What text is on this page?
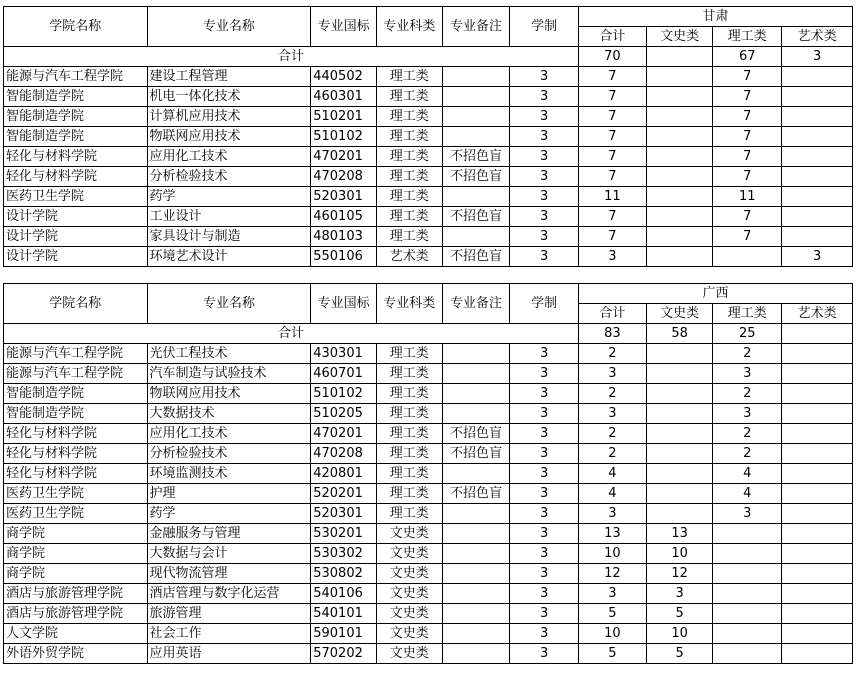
学院名称	专业名称	专业国标	专业科类	专业备注	学制	甘肃			
						合计	文史类	理工类	艺术类
合计						70		67	3
能源与汽车工程学院	建设工程管理	440502	理工类		3	7		7	
智能制造学院	机电一体化技术	460301	理工类		3	7		7	
智能制造学院	计算机应用技术	510201	理工类		3	7		7	
智能制造学院	物联网应用技术	510102	理工类		3	7		7	
轻化与材料学院	应用化工技术	470201	理工类	不招色盲	3	7		7	
轻化与材料学院	分析检验技术	470208	理工类	不招色盲	3	7		7	
医药卫生学院	药学	520301	理工类		3	11		11	
设计学院	工业设计	460105	理工类	不招色盲	3	7		7	
设计学院	家具设计与制造	480103	理工类		3	7		7	
设计学院	环境艺术设计	550106	艺术类	不招色盲	3	3			3
学院名称	专业名称	专业国标	专业科类	专业备注	学制	广西			
						合计	文史类	理工类	艺术类
合计						83	58	25	
能源与汽车工程学院	光伏工程技术	430301	理工类		3	2		2	
能源与汽车工程学院	汽车制造与试验技术	460701	理工类		3	3		3	
智能制造学院	物联网应用技术	510102	理工类		3	2		2	
智能制造学院	大数据技术	510205	理工类		3	3		3	
轻化与材料学院	应用化工技术	470201	理工类	不招色盲	3	2		2	
轻化与材料学院	分析检验技术	470208	理工类	不招色盲	3	2		2	
轻化与材料学院	环境监测技术	420801	理工类		3	4		4	
医药卫生学院	护理	520201	理工类	不招色盲	3	4		4	
医药卫生学院	药学	520301	理工类		3	3		3	
商学院	金融服务与管理	530201	文史类		3	13	13		
商学院	大数据与会计	530302	文史类		3	10	10		
商学院	现代物流管理	530802	文史类		3	12	12		
酒店与旅游管理学院	酒店管理与数字化运营	540106	文史类		3	3	3		
酒店与旅游管理学院	旅游管理	540101	文史类		3	5	5		
人文学院	社会工作	590101	文史类		3	10	10		
外语外贸学院	应用英语	570202	文史类		3	5	5		
